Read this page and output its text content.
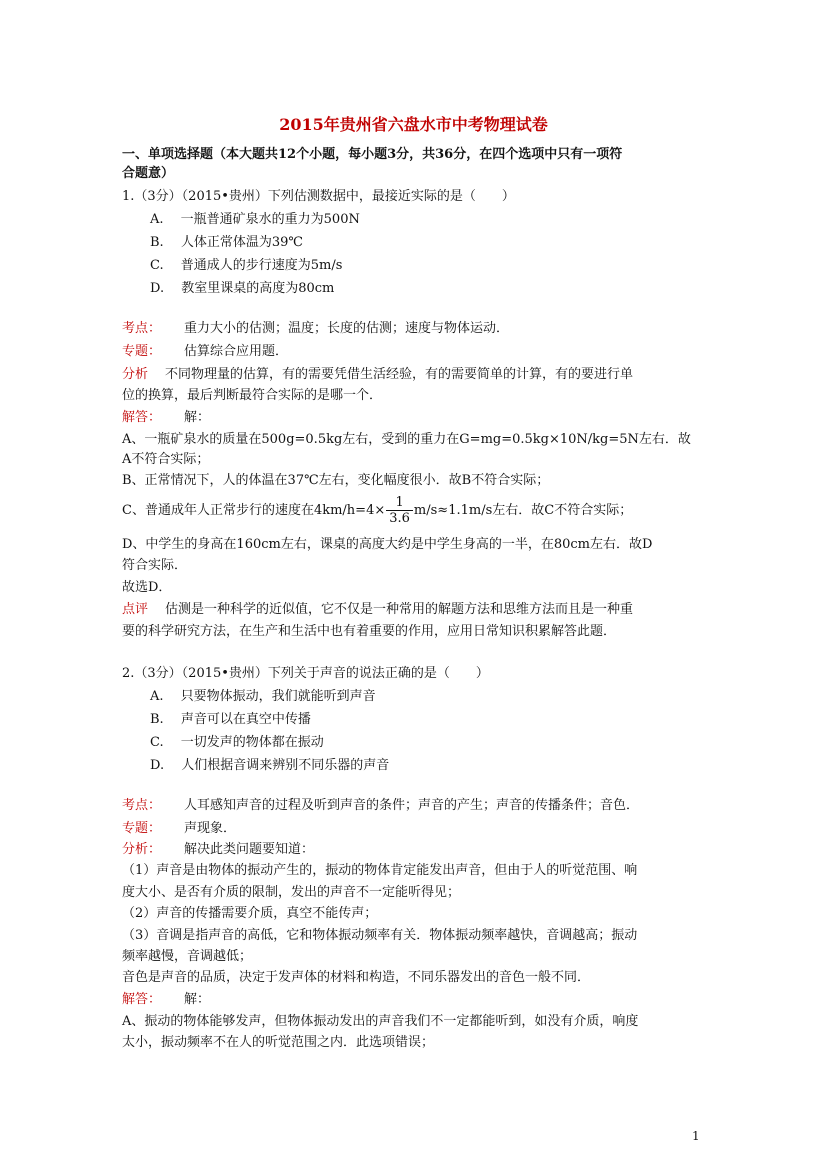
2015年贵州省六盘水市中考物理试卷
一、单项选择题（本大题共12个小题，每小题3分，共36分，在四个选项中只有一项符
合题意）
1.（3分）（2015•贵州）下列估测数据中，最接近实际的是（　　）
A.　 一瓶普通矿泉水的重力为500N
B.　 人体正常体温为39℃
C.　 普通成人的步行速度为5m/s
D.　 教室里课桌的高度为80cm
考点： 重力大小的估测；温度；长度的估测；速度与物体运动．
专题： 估算综合应用题．
分析 不同物理量的估算，有的需要凭借生活经验，有的需要简单的计算，有的要进行单
位的换算，最后判断最符合实际的是哪一个．
解答： 解：
A、一瓶矿泉水的质量在500g=0.5kg左右，受到的重力在G=mg=0.5kg×10N/kg=5N左右．故
A不符合实际；
B、正常情况下，人的体温在37℃左右，变化幅度很小．故B不符合实际；
C、普通成年人正常步行的速度在$4km/h=4\times \frac{1}{3.6} m/s\approx 1.1m/s$左右．故C不符合实际；
D、中学生的身高在160cm左右，课桌的高度大约是中学生身高的一半，在80cm左右．故D
符合实际．
故选D．
点评 估测是一种科学的近似值，它不仅是一种常用的解题方法和思维方法而且是一种重
要的科学研究方法，在生产和生活中也有着重要的作用，应用日常知识积累解答此题．
2.（3分）（2015•贵州）下列关于声音的说法正确的是（　　）
A.　 只要物体振动，我们就能听到声音
B.　 声音可以在真空中传播
C.　 一切发声的物体都在振动
D.　 人们根据音调来辨别不同乐器的声音
考点： 人耳感知声音的过程及听到声音的条件；声音的产生；声音的传播条件；音色．
专题： 声现象．
分析： 解决此类问题要知道：
（1）声音是由物体的振动产生的，振动的物体肯定能发出声音，但由于人的听觉范围、响
度大小、是否有介质的限制，发出的声音不一定能听得见；
（2）声音的传播需要介质，真空不能传声；
（3）音调是指声音的高低，它和物体振动频率有关．物体振动频率越快，音调越高；振动
频率越慢，音调越低；
音色是声音的品质，决定于发声体的材料和构造，不同乐器发出的音色一般不同．
解答： 解：
A、振动的物体能够发声，但物体振动发出的声音我们不一定都能听到，如没有介质，响度
太小，振动频率不在人的听觉范围之内．此选项错误；
1
